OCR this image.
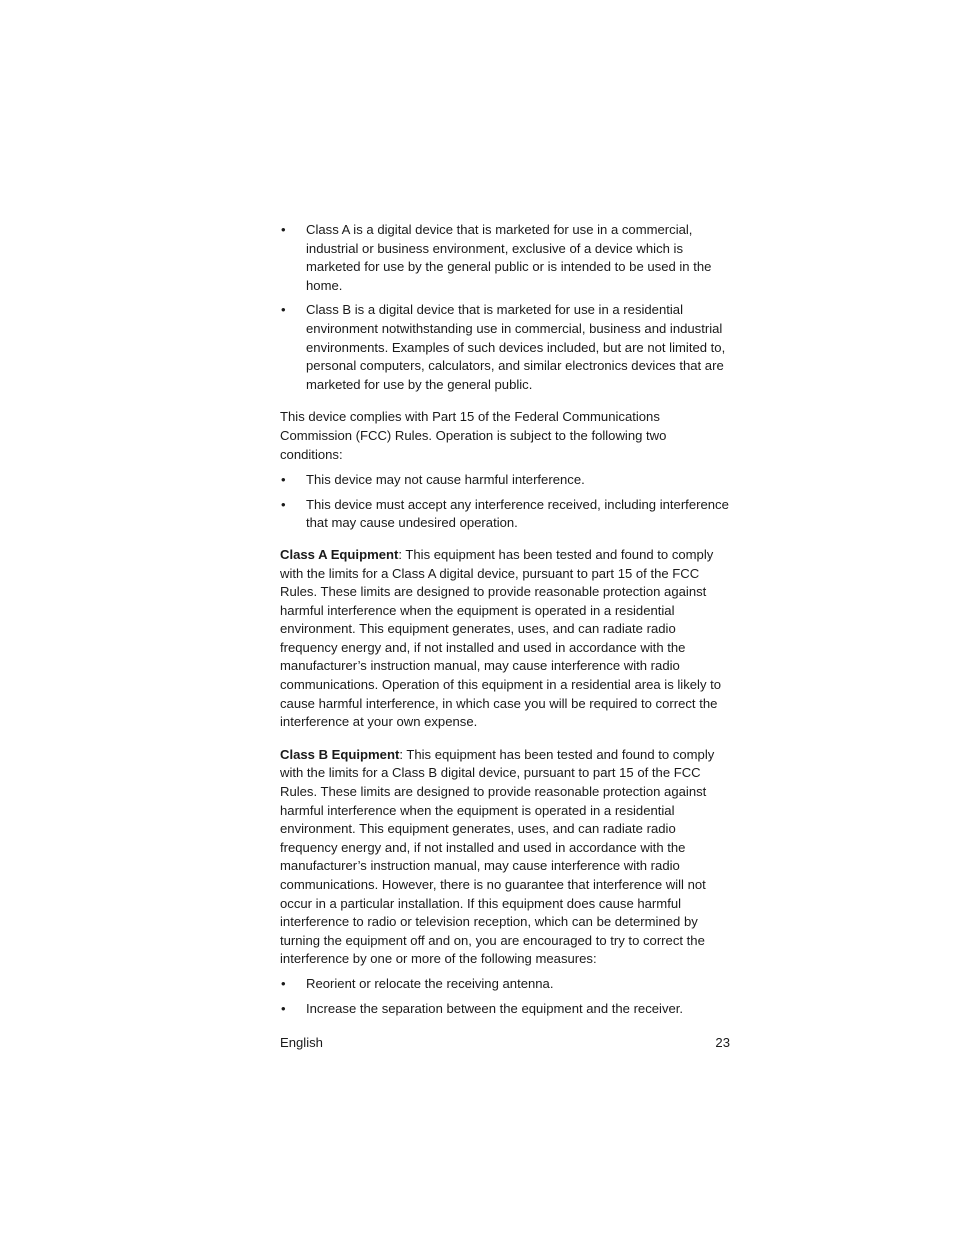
• Class A is a digital device that is marketed for use in a commercial, industrial or business environment, exclusive of a device which is marketed for use by the general public or is intended to be used in the home.
• Class B is a digital device that is marketed for use in a residential environment notwithstanding use in commercial, business and industrial environments. Examples of such devices included, but are not limited to, personal computers, calculators, and similar electronics devices that are marketed for use by the general public.

This device complies with Part 15 of the Federal Communications Commission (FCC) Rules. Operation is subject to the following two conditions:

• This device may not cause harmful interference.
• This device must accept any interference received, including interference that may cause undesired operation.

Class A Equipment: This equipment has been tested and found to comply with the limits for a Class A digital device, pursuant to part 15 of the FCC Rules. These limits are designed to provide reasonable protection against harmful interference when the equipment is operated in a residential environment. This equipment generates, uses, and can radiate radio frequency energy and, if not installed and used in accordance with the manufacturer’s instruction manual, may cause interference with radio communications. Operation of this equipment in a residential area is likely to cause harmful interference, in which case you will be required to correct the interference at your own expense.

Class B Equipment: This equipment has been tested and found to comply with the limits for a Class B digital device, pursuant to part 15 of the FCC Rules. These limits are designed to provide reasonable protection against harmful interference when the equipment is operated in a residential environment. This equipment generates, uses, and can radiate radio frequency energy and, if not installed and used in accordance with the manufacturer’s instruction manual, may cause interference with radio communications. However, there is no guarantee that interference will not occur in a particular installation. If this equipment does cause harmful interference to radio or television reception, which can be determined by turning the equipment off and on, you are encouraged to try to correct the interference by one or more of the following measures:

• Reorient or relocate the receiving antenna.
• Increase the separation between the equipment and the receiver.
English	23
